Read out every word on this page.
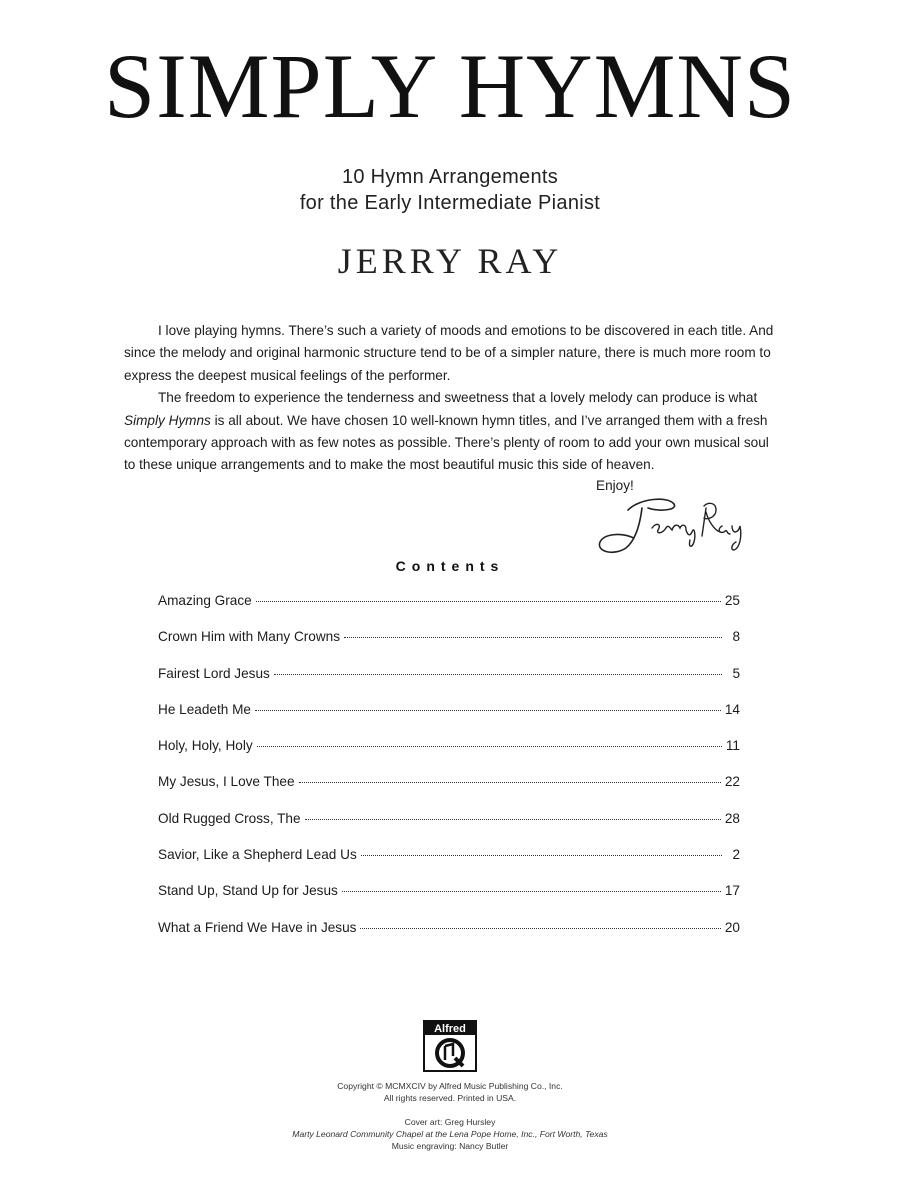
SIMPLY HYMNS
10 Hymn Arrangements
for the Early Intermediate Pianist
JERRY RAY

I love playing hymns. There’s such a variety of moods and emotions to be discovered in each title. And since the melody and original harmonic structure tend to be of a simpler nature, there is much more room to express the deepest musical feelings of the performer.

The freedom to experience the tenderness and sweetness that a lovely melody can produce is what Simply Hymns is all about. We have chosen 10 well-known hymn titles, and I’ve arranged them with a fresh contemporary approach with as few notes as possible. There’s plenty of room to add your own musical soul to these unique arrangements and to make the most beautiful music this side of heaven.

Enjoy!
Contents
Amazing Grace	25
Crown Him with Many Crowns	8
Fairest Lord Jesus	5
He Leadeth Me	14
Holy, Holy, Holy	11
My Jesus, I Love Thee	22
Old Rugged Cross, The	28
Savior, Like a Shepherd Lead Us	2
Stand Up, Stand Up for Jesus	17
What a Friend We Have in Jesus	20
Alfred
Copyright © MCMXCIV by Alfred Music Publishing Co., Inc.
All rights reserved. Printed in USA.
Cover art: Greg Hursley
Marty Leonard Community Chapel at the Lena Pope Home, Inc., Fort Worth, Texas
Music engraving: Nancy Butler
